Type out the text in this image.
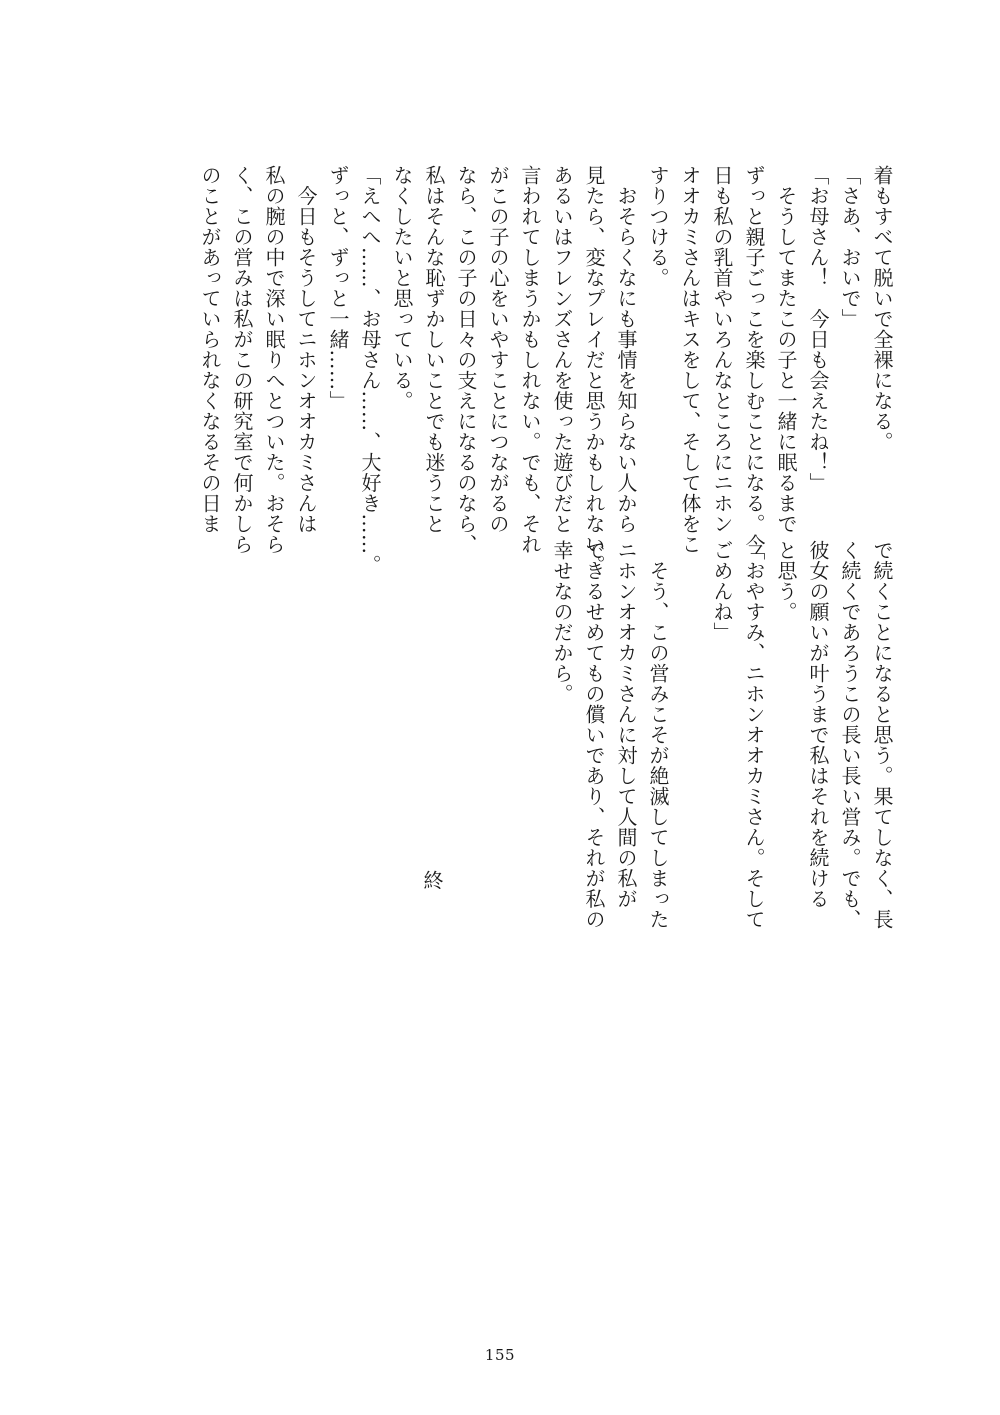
着もすべて脱いで全裸になる。
「さあ、おいで」
「お母さん！　今日も会えたね！」
　そうしてまたこの子と一緒に眠るまで
ずっと親子ごっこを楽しむことになる。今
日も私の乳首やいろんなところにニホン
オオカミさんはキスをして、そして体をこ
すりつける。
　おそらくなにも事情を知らない人から
見たら、変なプレイだと思うかもしれない。
あるいはフレンズさんを使った遊びだと
言われてしまうかもしれない。でも、それ
がこの子の心をいやすことにつながるの
なら、この子の日々の支えになるのなら、
私はそんな恥ずかしいことでも迷うこと
なくしたいと思っている。
「えへへ……、お母さん……、大好き……。
ずっと、ずっと一緒……」
　今日もそうしてニホンオオカミさんは
私の腕の中で深い眠りへとついた。おそら
く、この営みは私がこの研究室で何かしら
のことがあっていられなくなるその日ま
で続くことになると思う。果てしなく、長
く続くであろうこの長い長い営み。でも、
彼女の願いが叶うまで私はそれを続ける
と思う。
「おやすみ、ニホンオオカミさん。そして
ごめんね」

　そう、この営みこそが絶滅してしまった
ニホンオオカミさんに対して人間の私が
できるせめてもの償いであり、それが私の
幸せなのだから。
終
155
